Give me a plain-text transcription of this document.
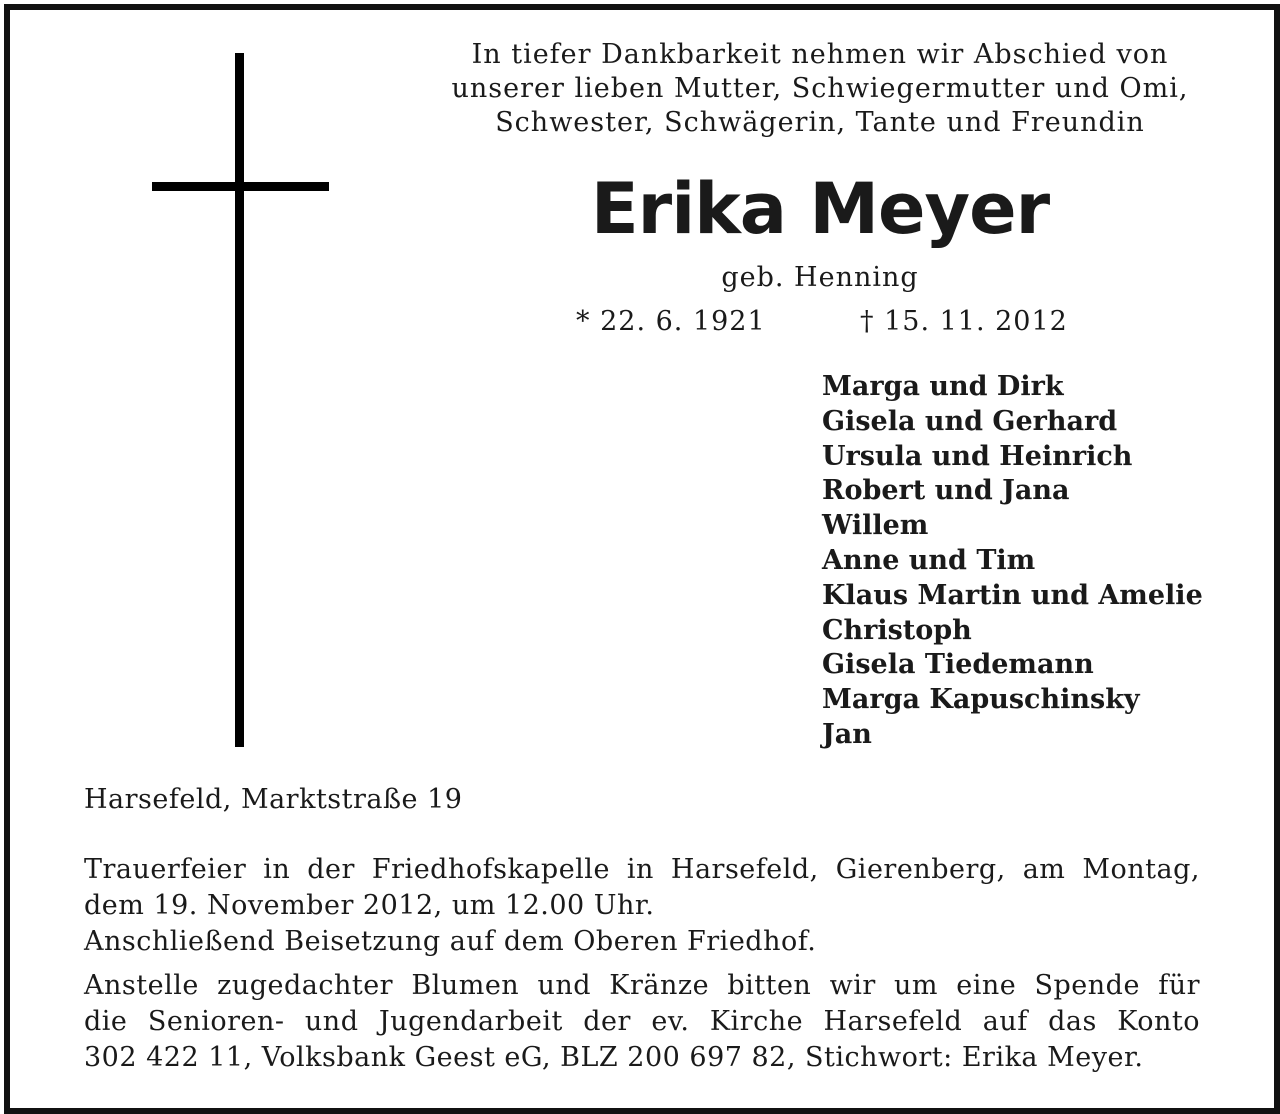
In tiefer Dankbarkeit nehmen wir Abschied von
unserer lieben Mutter, Schwiegermutter und Omi,
Schwester, Schwägerin, Tante und Freundin

Erika Meyer
geb. Henning
* 22. 6. 1921	† 15. 11. 2012
Marga und Dirk
Gisela und Gerhard
Ursula und Heinrich
Robert und Jana
Willem
Anne und Tim
Klaus Martin und Amelie
Christoph
Gisela Tiedemann
Marga Kapuschinsky
Jan
Harsefeld, Marktstraße 19

Trauerfeier in der Friedhofskapelle in Harsefeld, Gierenberg, am Montag,
dem 19. November 2012, um 12.00 Uhr.
Anschließend Beisetzung auf dem Oberen Friedhof.

Anstelle zugedachter Blumen und Kränze bitten wir um eine Spende für
die Senioren- und Jugendarbeit der ev. Kirche Harsefeld auf das Konto
302 422 11, Volksbank Geest eG, BLZ 200 697 82, Stichwort: Erika Meyer.
